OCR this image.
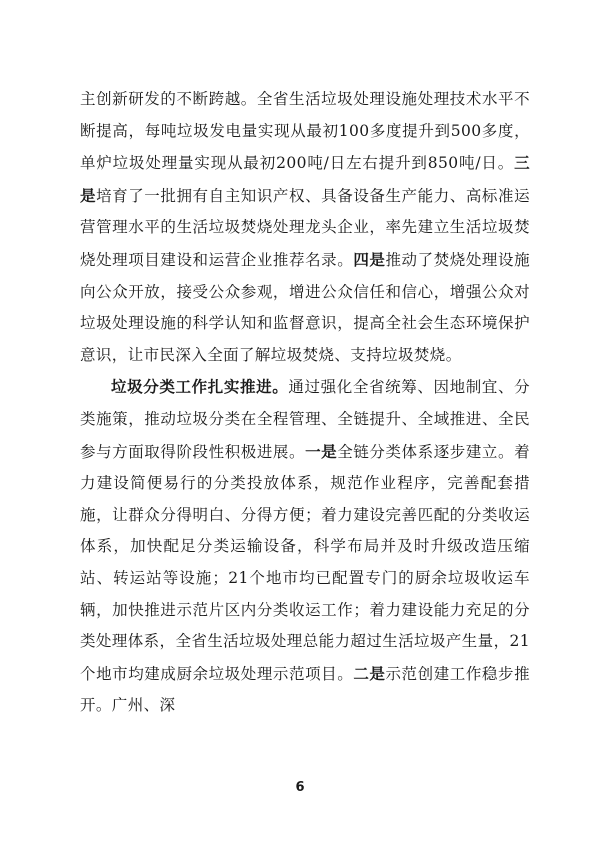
主创新研发的不断跨越。全省生活垃圾处理设施处理技术水平不断提高，每吨垃圾发电量实现从最初100多度提升到500多度，单炉垃圾处理量实现从最初200吨/日左右提升到850吨/日。三是培育了一批拥有自主知识产权、具备设备生产能力、高标准运营管理水平的生活垃圾焚烧处理龙头企业，率先建立生活垃圾焚烧处理项目建设和运营企业推荐名录。四是推动了焚烧处理设施向公众开放，接受公众参观，增进公众信任和信心，增强公众对垃圾处理设施的科学认知和监督意识，提高全社会生态环境保护意识，让市民深入全面了解垃圾焚烧、支持垃圾焚烧。

垃圾分类工作扎实推进。通过强化全省统筹、因地制宜、分类施策，推动垃圾分类在全程管理、全链提升、全域推进、全民参与方面取得阶段性积极进展。一是全链分类体系逐步建立。着力建设简便易行的分类投放体系，规范作业程序，完善配套措施，让群众分得明白、分得方便；着力建设完善匹配的分类收运体系，加快配足分类运输设备，科学布局并及时升级改造压缩站、转运站等设施；21个地市均已配置专门的厨余垃圾收运车辆，加快推进示范片区内分类收运工作；着力建设能力充足的分类处理体系，全省生活垃圾处理总能力超过生活垃圾产生量，21个地市均建成厨余垃圾处理示范项目。二是示范创建工作稳步推开。广州、深

6
